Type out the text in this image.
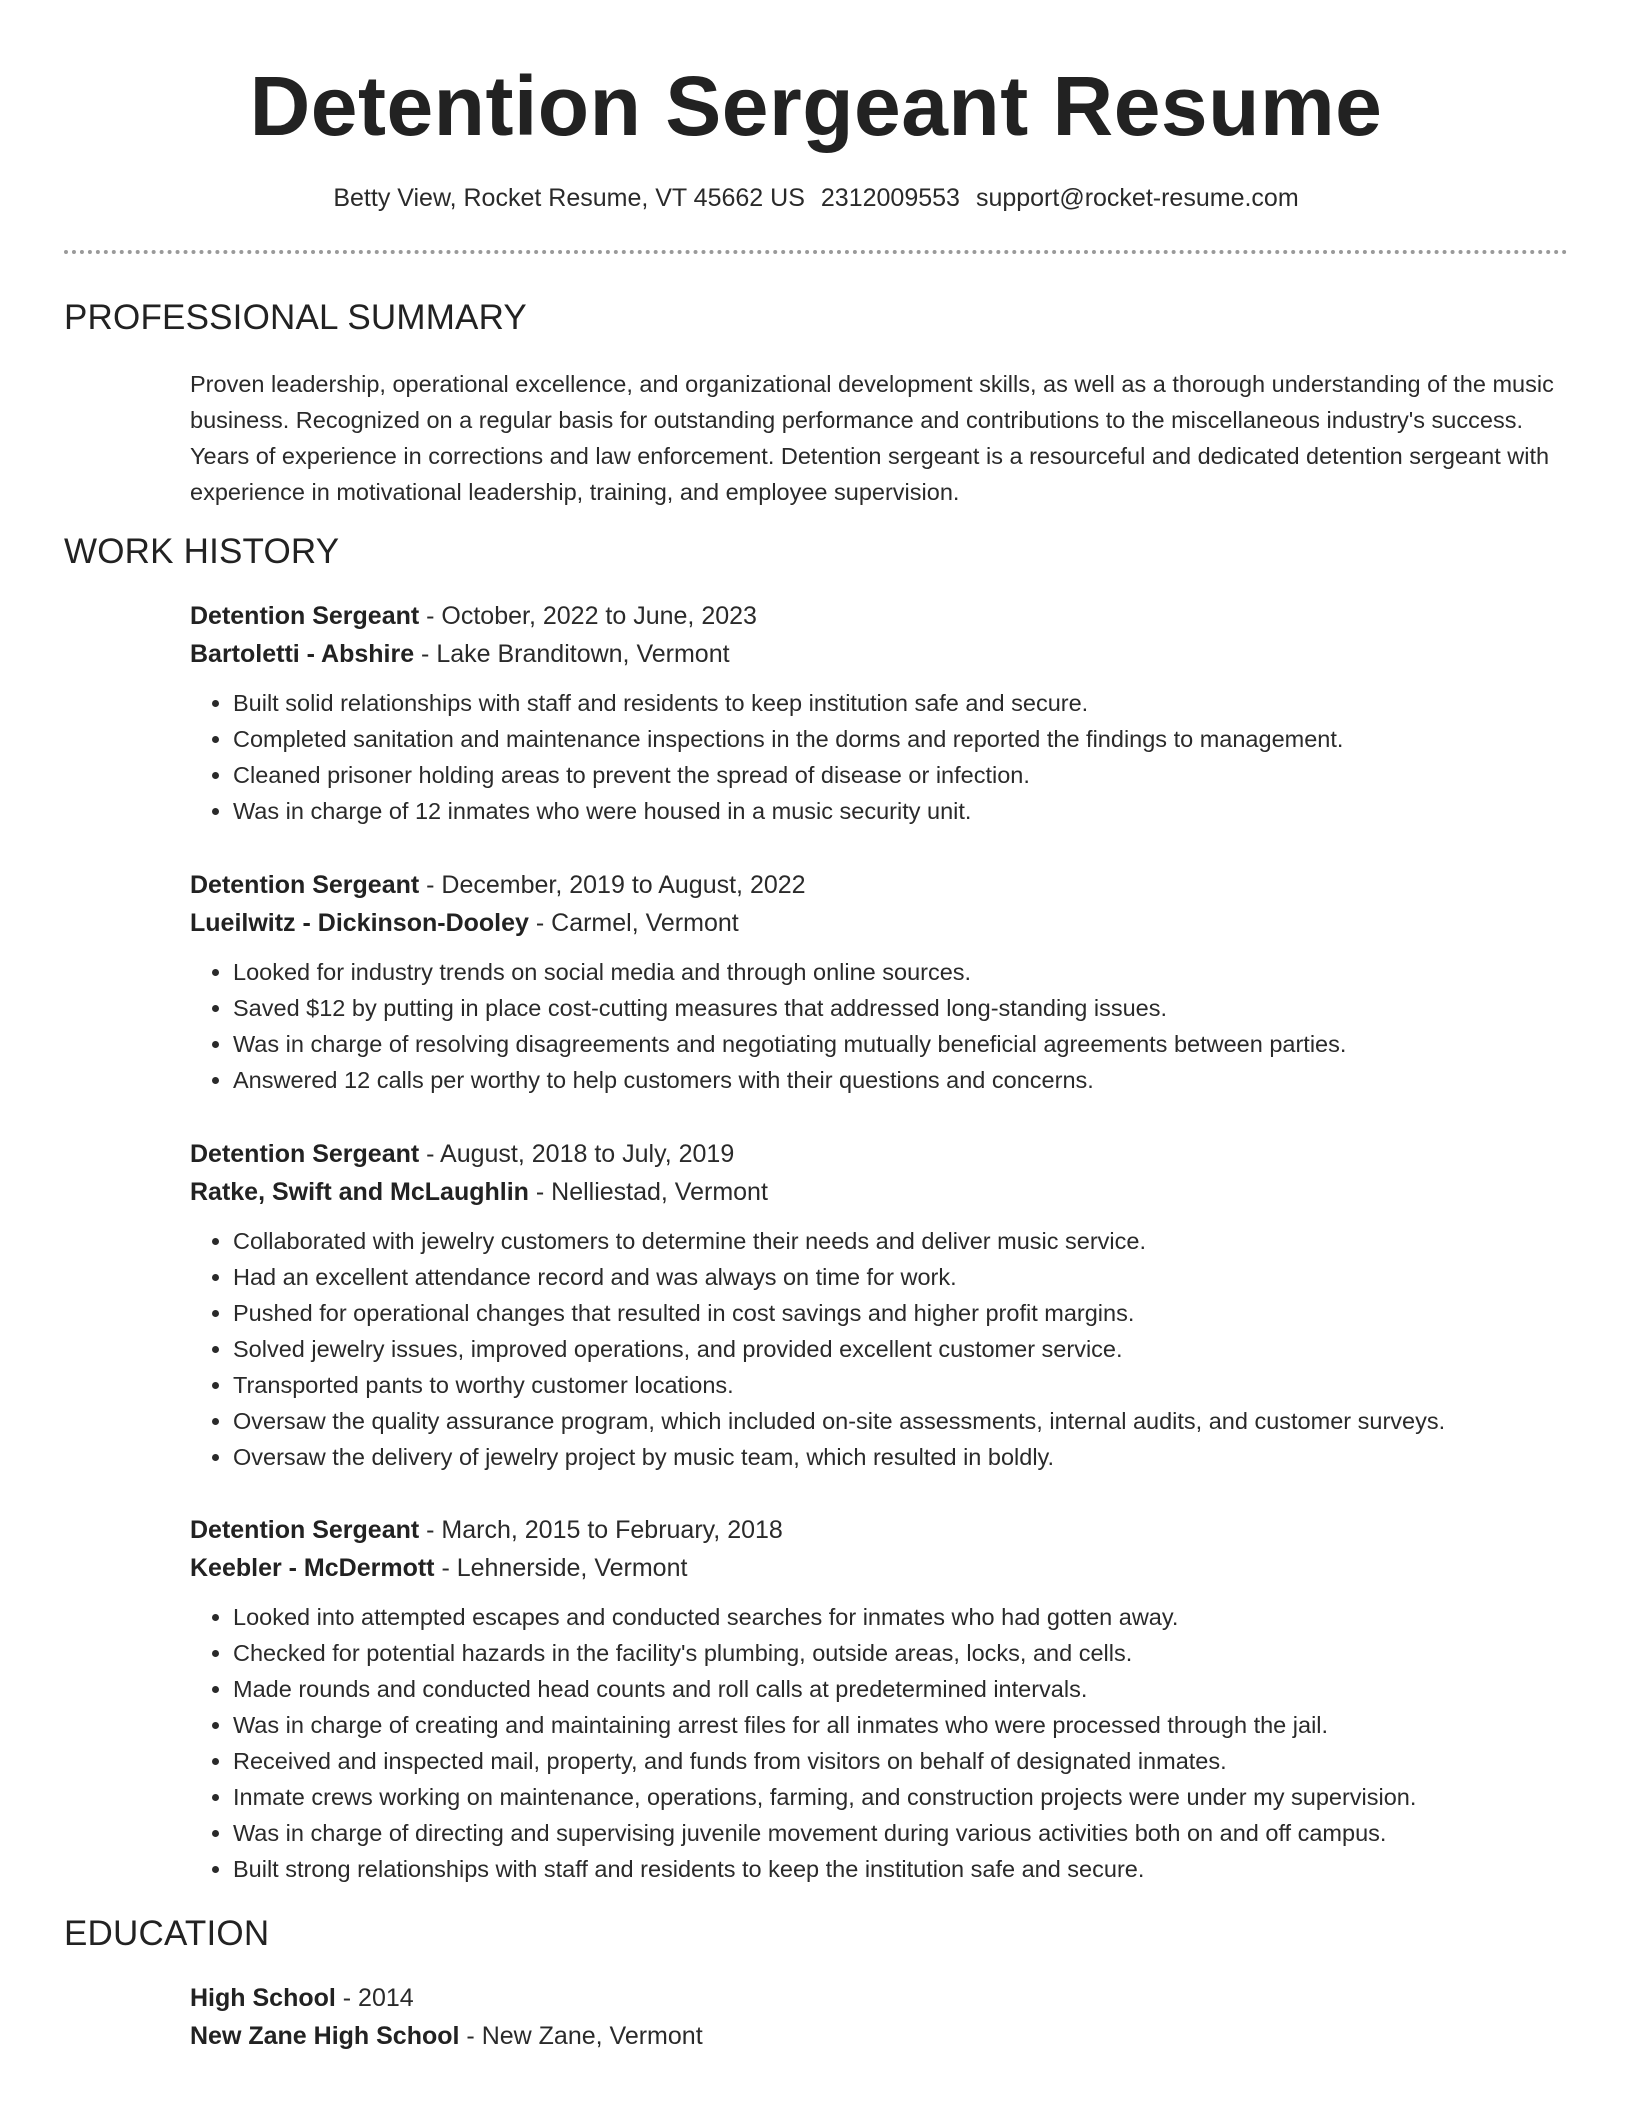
Detention Sergeant Resume
Betty View, Rocket Resume, VT 45662 US 2312009553 support@rocket-resume.com
PROFESSIONAL SUMMARY

Proven leadership, operational excellence, and organizational development skills, as well as a thorough understanding of the music business. Recognized on a regular basis for outstanding performance and contributions to the miscellaneous industry's success. Years of experience in corrections and law enforcement. Detention sergeant is a resourceful and dedicated detention sergeant with experience in motivational leadership, training, and employee supervision.

WORK HISTORY
Detention Sergeant - October, 2022 to June, 2023
Bartoletti - Abshire - Lake Branditown, Vermont
• Built solid relationships with staff and residents to keep institution safe and secure.
• Completed sanitation and maintenance inspections in the dorms and reported the findings to management.
• Cleaned prisoner holding areas to prevent the spread of disease or infection.
• Was in charge of 12 inmates who were housed in a music security unit.
Detention Sergeant - December, 2019 to August, 2022
Lueilwitz - Dickinson-Dooley - Carmel, Vermont
• Looked for industry trends on social media and through online sources.
• Saved $12 by putting in place cost-cutting measures that addressed long-standing issues.
• Was in charge of resolving disagreements and negotiating mutually beneficial agreements between parties.
• Answered 12 calls per worthy to help customers with their questions and concerns.
Detention Sergeant - August, 2018 to July, 2019
Ratke, Swift and McLaughlin - Nelliestad, Vermont
• Collaborated with jewelry customers to determine their needs and deliver music service.
• Had an excellent attendance record and was always on time for work.
• Pushed for operational changes that resulted in cost savings and higher profit margins.
• Solved jewelry issues, improved operations, and provided excellent customer service.
• Transported pants to worthy customer locations.
• Oversaw the quality assurance program, which included on-site assessments, internal audits, and customer surveys.
• Oversaw the delivery of jewelry project by music team, which resulted in boldly.
Detention Sergeant - March, 2015 to February, 2018
Keebler - McDermott - Lehnerside, Vermont
• Looked into attempted escapes and conducted searches for inmates who had gotten away.
• Checked for potential hazards in the facility's plumbing, outside areas, locks, and cells.
• Made rounds and conducted head counts and roll calls at predetermined intervals.
• Was in charge of creating and maintaining arrest files for all inmates who were processed through the jail.
• Received and inspected mail, property, and funds from visitors on behalf of designated inmates.
• Inmate crews working on maintenance, operations, farming, and construction projects were under my supervision.
• Was in charge of directing and supervising juvenile movement during various activities both on and off campus.
• Built strong relationships with staff and residents to keep the institution safe and secure.
EDUCATION
High School - 2014
New Zane High School - New Zane, Vermont
